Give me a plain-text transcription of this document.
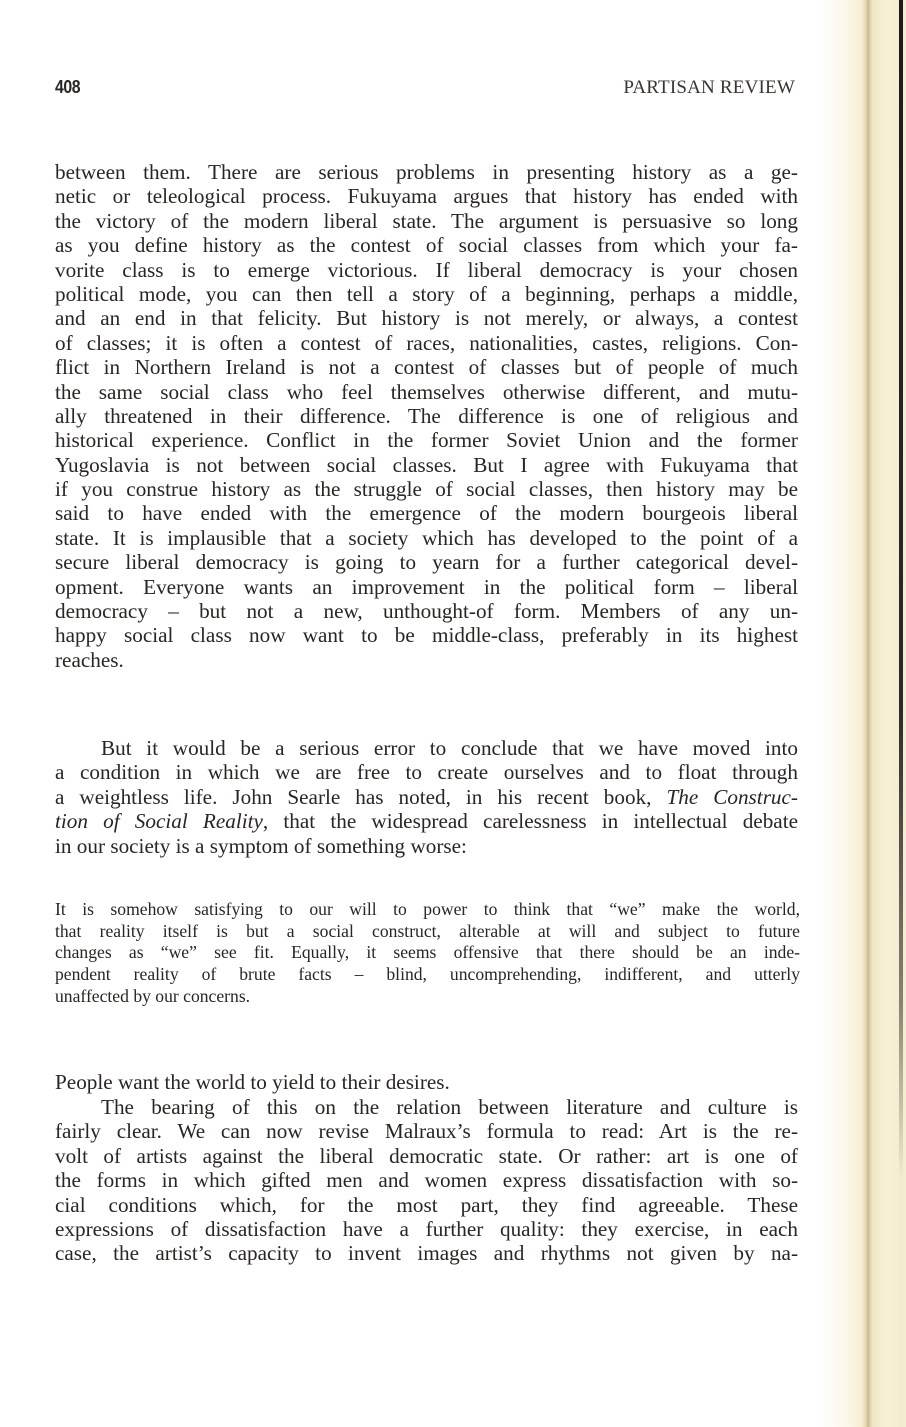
408	PARTISAN REVIEW
between them. There are serious problems in presenting history as a ge-
netic or teleological process. Fukuyama argues that history has ended with
the victory of the modern liberal state. The argument is persuasive so long
as you define history as the contest of social classes from which your fa-
vorite class is to emerge victorious. If liberal democracy is your chosen
political mode, you can then tell a story of a beginning, perhaps a middle,
and an end in that felicity. But history is not merely, or always, a contest
of classes; it is often a contest of races, nationalities, castes, religions. Con-
flict in Northern Ireland is not a contest of classes but of people of much
the same social class who feel themselves otherwise different, and mutu-
ally threatened in their difference. The difference is one of religious and
historical experience. Conflict in the former Soviet Union and the former
Yugoslavia is not between social classes. But I agree with Fukuyama that
if you construe history as the struggle of social classes, then history may be
said to have ended with the emergence of the modern bourgeois liberal
state. It is implausible that a society which has developed to the point of a
secure liberal democracy is going to yearn for a further categorical devel-
opment. Everyone wants an improvement in the political form – liberal
democracy – but not a new, unthought-of form. Members of any un-
happy social class now want to be middle-class, preferably in its highest
reaches.
But it would be a serious error to conclude that we have moved into
a condition in which we are free to create ourselves and to float through
a weightless life. John Searle has noted, in his recent book, The Construc-
tion of Social Reality, that the widespread carelessness in intellectual debate
in our society is a symptom of something worse:
It is somehow satisfying to our will to power to think that “we” make the world,
that reality itself is but a social construct, alterable at will and subject to future
changes as “we” see fit. Equally, it seems offensive that there should be an inde-
pendent reality of brute facts – blind, uncomprehending, indifferent, and utterly
unaffected by our concerns.
People want the world to yield to their desires.
The bearing of this on the relation between literature and culture is
fairly clear. We can now revise Malraux’s formula to read: Art is the re-
volt of artists against the liberal democratic state. Or rather: art is one of
the forms in which gifted men and women express dissatisfaction with so-
cial conditions which, for the most part, they find agreeable. These
expressions of dissatisfaction have a further quality: they exercise, in each
case, the artist’s capacity to invent images and rhythms not given by na-
